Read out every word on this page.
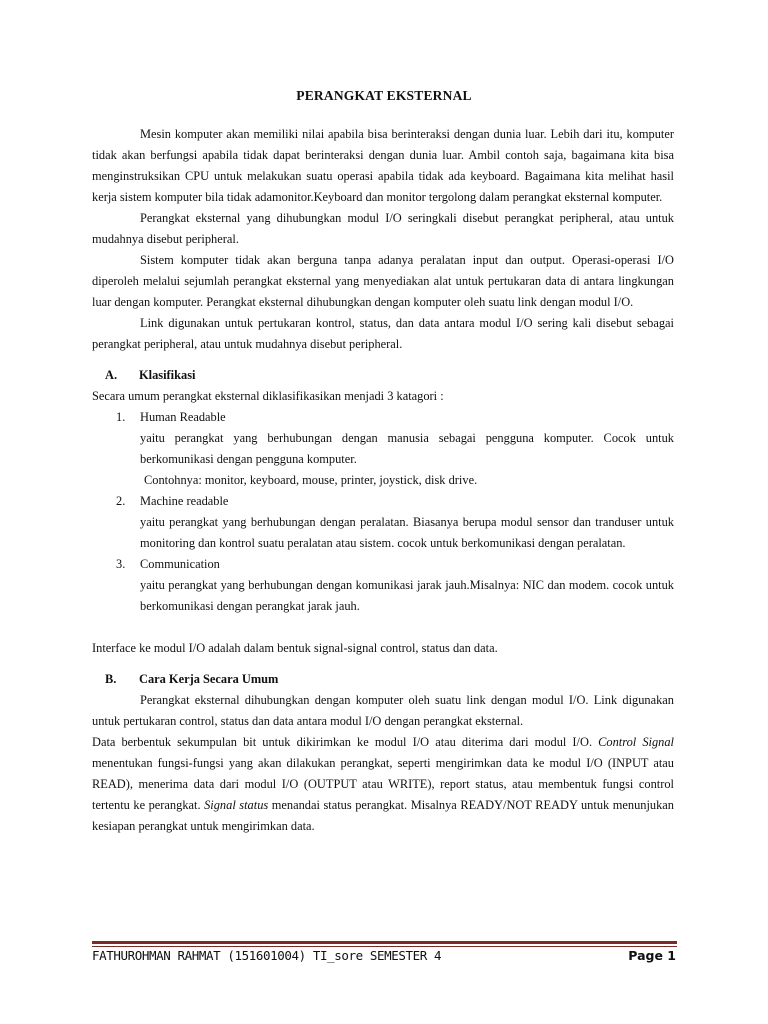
PERANGKAT EKSTERNAL

Mesin komputer akan memiliki nilai apabila bisa berinteraksi dengan dunia luar. Lebih dari itu, komputer tidak akan berfungsi apabila tidak dapat berinteraksi dengan dunia luar. Ambil contoh saja, bagaimana kita bisa menginstruksikan CPU untuk melakukan suatu operasi apabila tidak ada keyboard. Bagaimana kita melihat hasil kerja sistem komputer bila tidak adamonitor.Keyboard dan monitor tergolong dalam perangkat eksternal komputer.

Perangkat eksternal yang dihubungkan modul I/O seringkali disebut perangkat peripheral, atau untuk mudahnya disebut peripheral.

Sistem komputer tidak akan berguna tanpa adanya peralatan input dan output. Operasi-operasi I/O diperoleh melalui sejumlah perangkat eksternal yang menyediakan alat untuk pertukaran data di antara lingkungan luar dengan komputer. Perangkat eksternal dihubungkan dengan komputer oleh suatu link dengan modul I/O.

Link digunakan untuk pertukaran kontrol, status, dan data antara modul I/O sering kali disebut sebagai perangkat peripheral, atau untuk mudahnya disebut peripheral.

A. Klasifikasi

Secara umum perangkat eksternal diklasifikasikan menjadi 3 katagori :

1.	Human Readable

yaitu perangkat yang berhubungan dengan manusia sebagai pengguna komputer. Cocok untuk berkomunikasi dengan pengguna komputer.

Contohnya: monitor, keyboard, mouse, printer, joystick, disk drive.

2.	Machine readable

yaitu perangkat yang berhubungan dengan peralatan. Biasanya berupa modul sensor dan tranduser untuk monitoring dan kontrol suatu peralatan atau sistem. cocok untuk berkomunikasi dengan peralatan.

3.	Communication

yaitu perangkat yang berhubungan dengan komunikasi jarak jauh.Misalnya: NIC dan modem. cocok untuk berkomunikasi dengan perangkat jarak jauh.

Interface ke modul I/O adalah dalam bentuk signal-signal control, status dan data.

B. Cara Kerja Secara Umum

Perangkat eksternal dihubungkan dengan komputer oleh suatu link dengan modul I/O. Link digunakan untuk pertukaran control, status dan data antara modul I/O dengan perangkat eksternal.

Data berbentuk sekumpulan bit untuk dikirimkan ke modul I/O atau diterima dari modul I/O. Control Signal menentukan fungsi-fungsi yang akan dilakukan perangkat, seperti mengirimkan data ke modul I/O (INPUT atau READ), menerima data dari modul I/O (OUTPUT atau WRITE), report status, atau membentuk fungsi control tertentu ke perangkat. Signal status menandai status perangkat. Misalnya READY/NOT READY untuk menunjukan kesiapan perangkat untuk mengirimkan data.

FATHUROHMAN RAHMAT (151601004) TI_sore SEMESTER 4	Page 1
